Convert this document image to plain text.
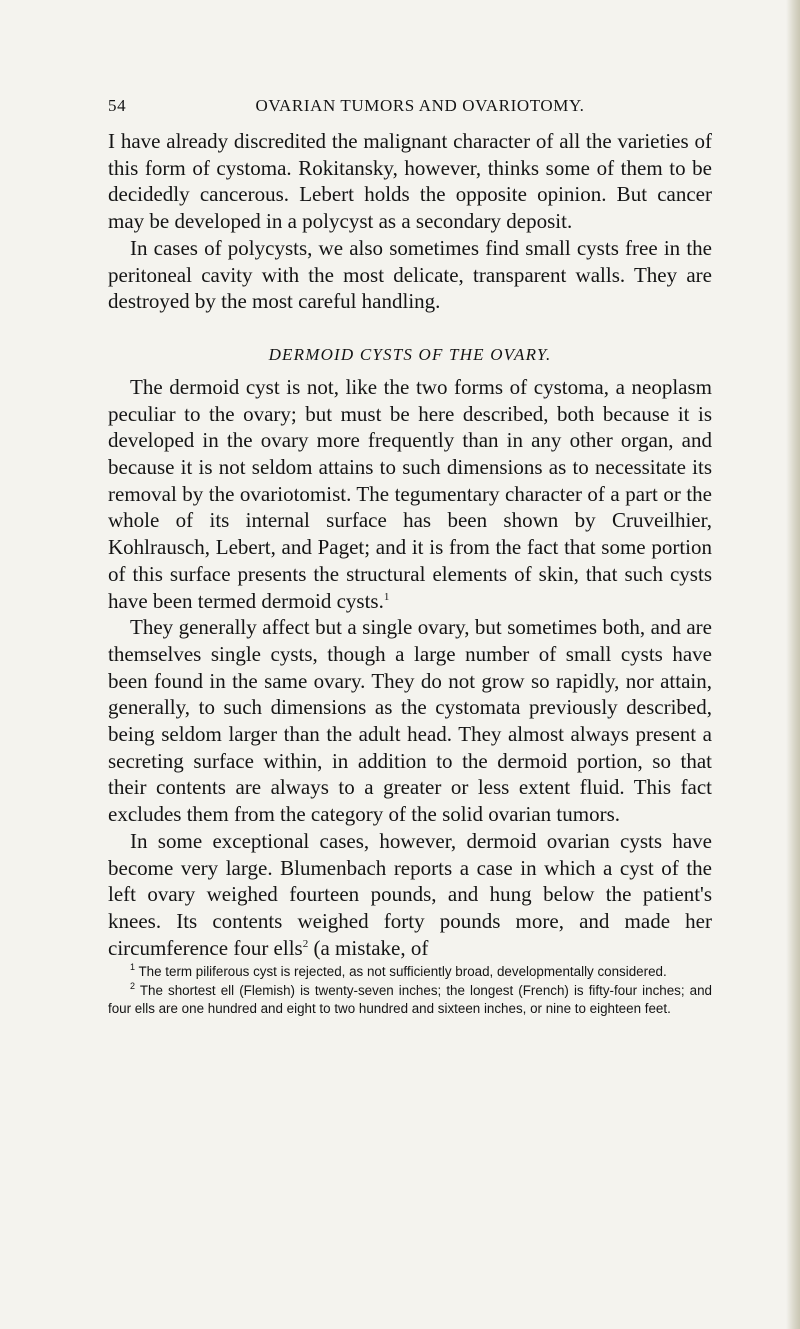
54	OVARIAN TUMORS AND OVARIOTOMY.

I have already discredited the malignant character of all the varieties of this form of cystoma. Rokitansky, however, thinks some of them to be decidedly cancerous. Lebert holds the opposite opinion. But cancer may be developed in a polycyst as a secondary deposit.

In cases of polycysts, we also sometimes find small cysts free in the peritoneal cavity with the most delicate, transparent walls. They are destroyed by the most careful handling.

DERMOID CYSTS OF THE OVARY.

The dermoid cyst is not, like the two forms of cystoma, a neoplasm peculiar to the ovary; but must be here described, both because it is developed in the ovary more frequently than in any other organ, and because it is not seldom attains to such dimensions as to necessitate its removal by the ovariotomist. The tegumentary character of a part or the whole of its internal surface has been shown by Cruveilhier, Kohlrausch, Lebert, and Paget; and it is from the fact that some portion of this surface presents the structural elements of skin, that such cysts have been termed dermoid cysts.$^1$

They generally affect but a single ovary, but sometimes both, and are themselves single cysts, though a large number of small cysts have been found in the same ovary. They do not grow so rapidly, nor attain, generally, to such dimensions as the cystomata previously described, being seldom larger than the adult head. They almost always present a secreting surface within, in addition to the dermoid portion, so that their contents are always to a greater or less extent fluid. This fact excludes them from the category of the solid ovarian tumors.

In some exceptional cases, however, dermoid ovarian cysts have become very large. Blumenbach reports a case in which a cyst of the left ovary weighed fourteen pounds, and hung below the patient's knees. Its contents weighed forty pounds more, and made her circumference four ells$^2$ (a mistake, of

$^1$ The term piliferous cyst is rejected, as not sufficiently broad, developmentally considered.

$^2$ The shortest ell (Flemish) is twenty-seven inches; the longest (French) is fifty-four inches; and four ells are one hundred and eight to two hundred and sixteen inches, or nine to eighteen feet.
